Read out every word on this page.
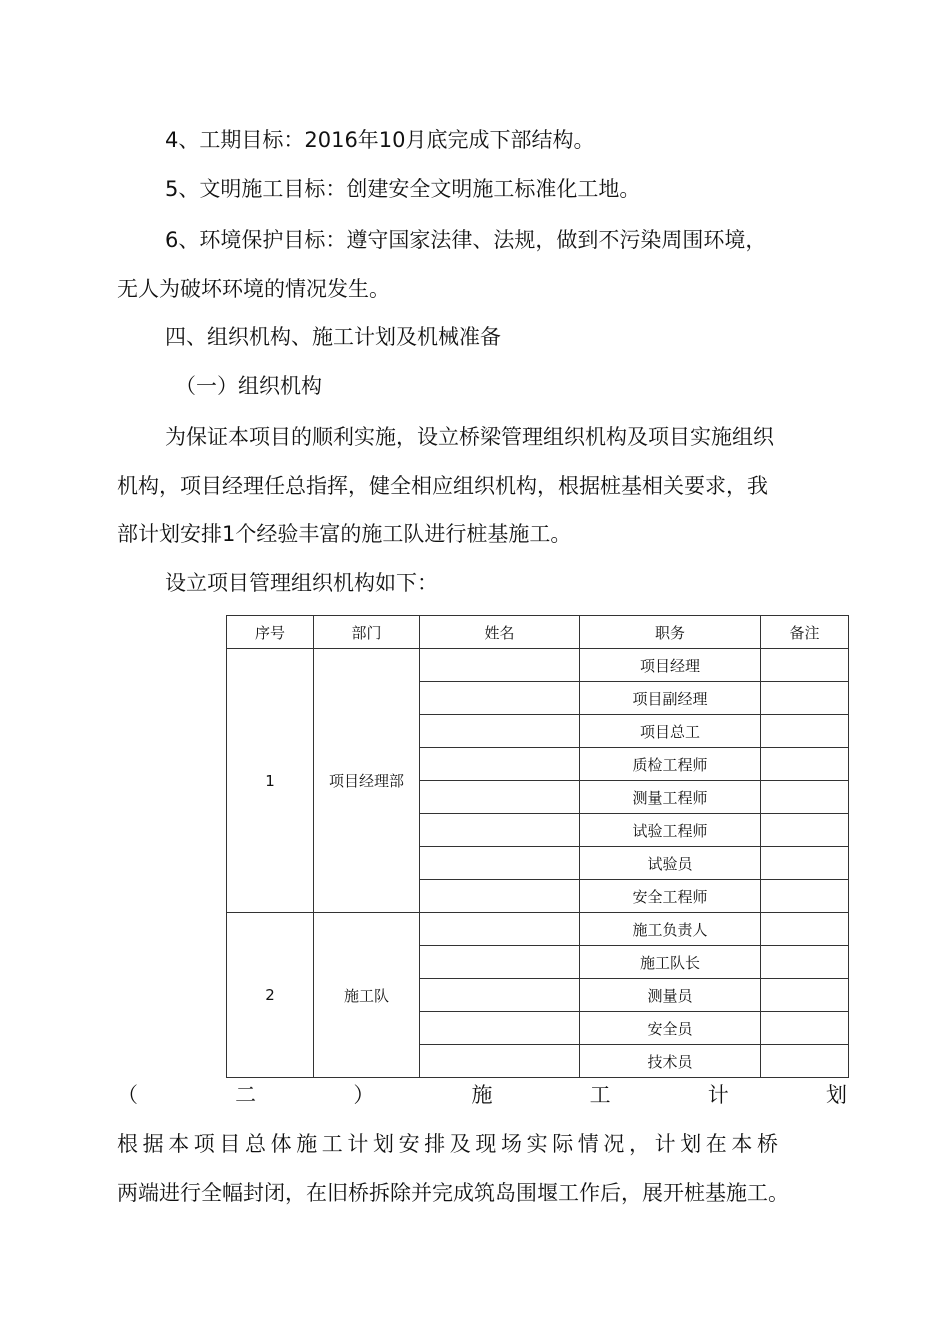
4、工期目标：2016年10月底完成下部结构。
5、文明施工目标：创建安全文明施工标准化工地。
6、环境保护目标：遵守国家法律、法规，做到不污染周围环境，
无人为破坏环境的情况发生。
四、组织机构、施工计划及机械准备
（一）组织机构
为保证本项目的顺利实施，设立桥梁管理组织机构及项目实施组织
机构，项目经理任总指挥，健全相应组织机构，根据桩基相关要求，我
部计划安排1个经验丰富的施工队进行桩基施工。
设立项目管理组织机构如下：
序号	部门	姓名	职务	备注
1	项目经理部		项目经理	
			项目副经理	
			项目总工	
			质检工程师	
			测量工程师	
			试验工程师	
			试验员	
			安全工程师	
2	施工队		施工负责人	
			施工队长	
			测量员	
			安全员	
			技术员	
（	二	）	施	工	计	划
根据本项目总体施工计划安排及现场实际情况，计划在本桥
两端进行全幅封闭，在旧桥拆除并完成筑岛围堰工作后，展开桩基施工。
